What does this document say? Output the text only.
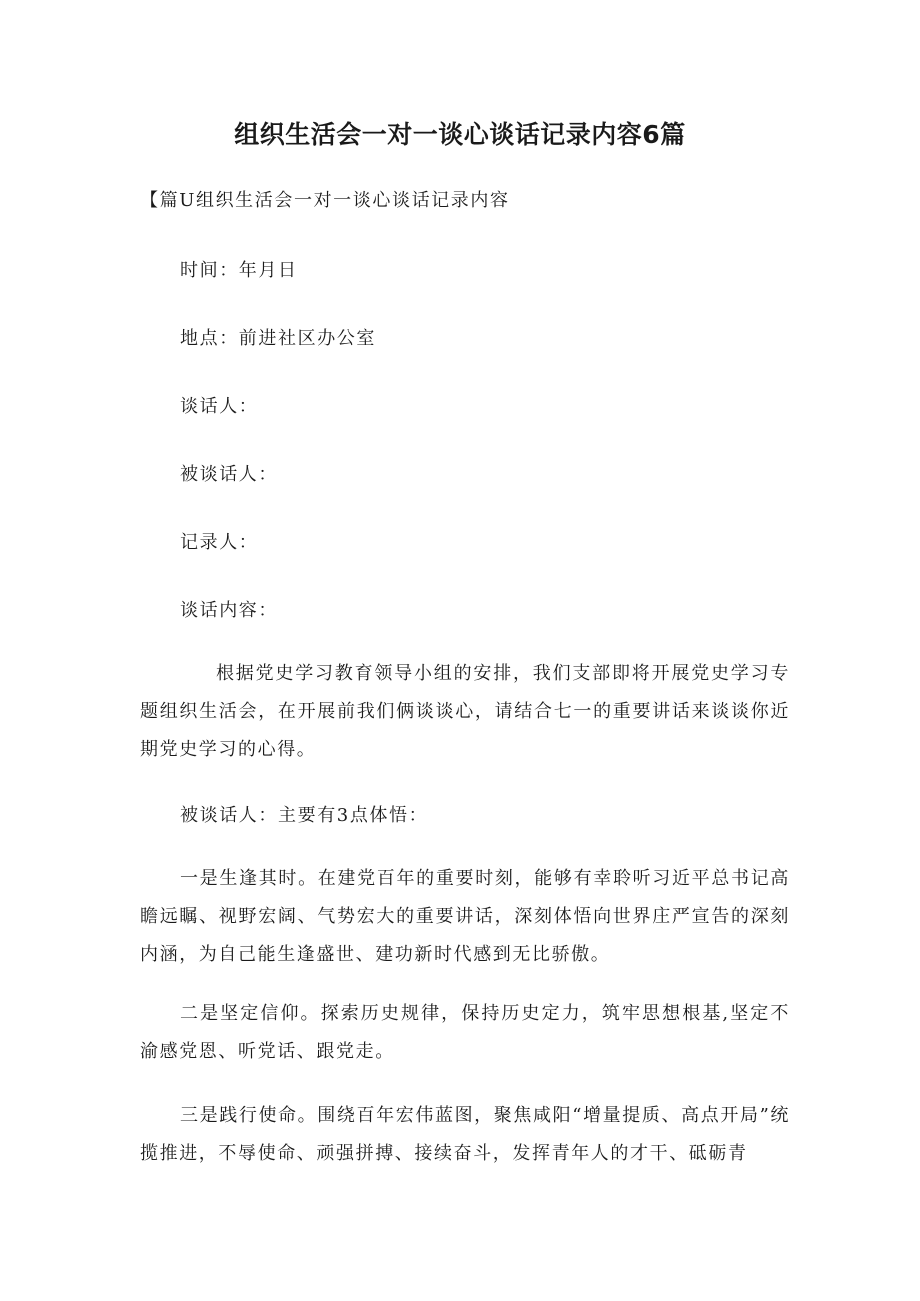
组织生活会一对一谈心谈话记录内容6篇

【篇U组织生活会一对一谈心谈话记录内容

时间：年月日

地点：前进社区办公室

谈话人：

被谈话人：

记录人：

谈话内容：

根据党史学习教育领导小组的安排，我们支部即将开展党史学习专题组织生活会，在开展前我们俩谈谈心，请结合七一的重要讲话来谈谈你近期党史学习的心得。

被谈话人：主要有3点体悟：

一是生逢其时。在建党百年的重要时刻，能够有幸聆听习近平总书记高瞻远瞩、视野宏阔、气势宏大的重要讲话，深刻体悟向世界庄严宣告的深刻内涵，为自己能生逢盛世、建功新时代感到无比骄傲。

二是坚定信仰。探索历史规律，保持历史定力，筑牢思想根基,坚定不渝感党恩、听党话、跟党走。

三是践行使命。围绕百年宏伟蓝图，聚焦咸阳“增量提质、高点开局”统揽推进，不辱使命、顽强拼搏、接续奋斗，发挥青年人的才干、砥砺青
